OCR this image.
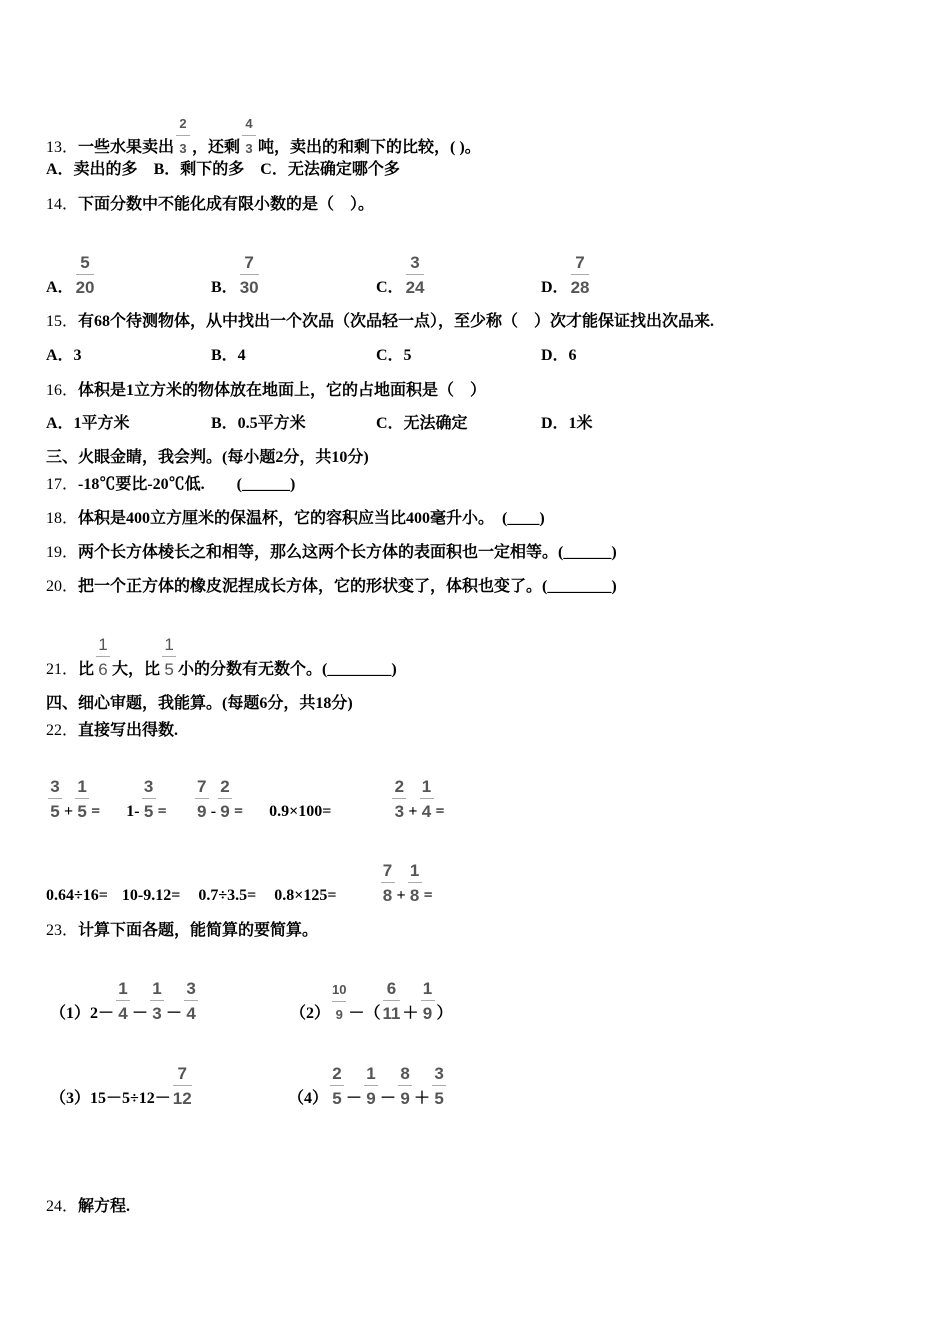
13．一些水果卖出 $\frac{2}{3}$ ，还剩 $\frac{4}{3}$ 吨，卖出的和剩下的比较，( )。
A．卖出的多　 B．剩下的多　 C．无法确定哪个多
14．下面分数中不能化成有限小数的是（　）。
A． $\frac{5}{20}$	B． $\frac{7}{30}$	C． $\frac{3}{24}$	D． $\frac{7}{28}$
15．有68个待测物体，从中找出一个次品（次品轻一点），至少称（　）次才能保证找出次品来.
A．3	B．4	C．5	D．6
16．体积是1立方米的物体放在地面上，它的占地面积是（　）
A．1平方米	B．0.5平方米	C．无法确定	D．1米
三、火眼金睛，我会判。(每小题2分，共10分)
17．-18℃要比-20℃低.　　(______)
18．体积是400立方厘米的保温杯，它的容积应当比400毫升小。　(____)
19．两个长方体棱长之和相等，那么这两个长方体的表面积也一定相等。(______)
20．把一个正方体的橡皮泥捏成长方体，它的形状变了，体积也变了。(________)
21．比 $\frac{1}{6}$ 大，比 $\frac{1}{5}$ 小的分数有无数个。(________)
四、细心审题，我能算。(每题6分，共18分)
22．直接写出得数.
$\frac{3}{5} + \frac{1}{5} = 1- \frac{3}{5} = \frac{7}{9} - \frac{2}{9} = 0.9\times 100=$	$\frac{2}{3} + \frac{1}{4}$ =
0.64÷16= 10-9.12= 0.7÷3.5= 0.8×125=	$\frac{7}{8} + \frac{1}{8}$ =
23．计算下面各题，能简算的要简算。
$(1)2- \frac{1}{4} - \frac{1}{3} - \frac{3}{4}$	$(2) \frac{10}{9}$ －（ $\frac{6}{11} + \frac{1}{9}$ ）
$(3)15-5\div 12- \frac{7}{12}$	$(4) \frac{2}{5} - \frac{1}{9} - \frac{8}{9} + \frac{3}{5}$
24．解方程.
